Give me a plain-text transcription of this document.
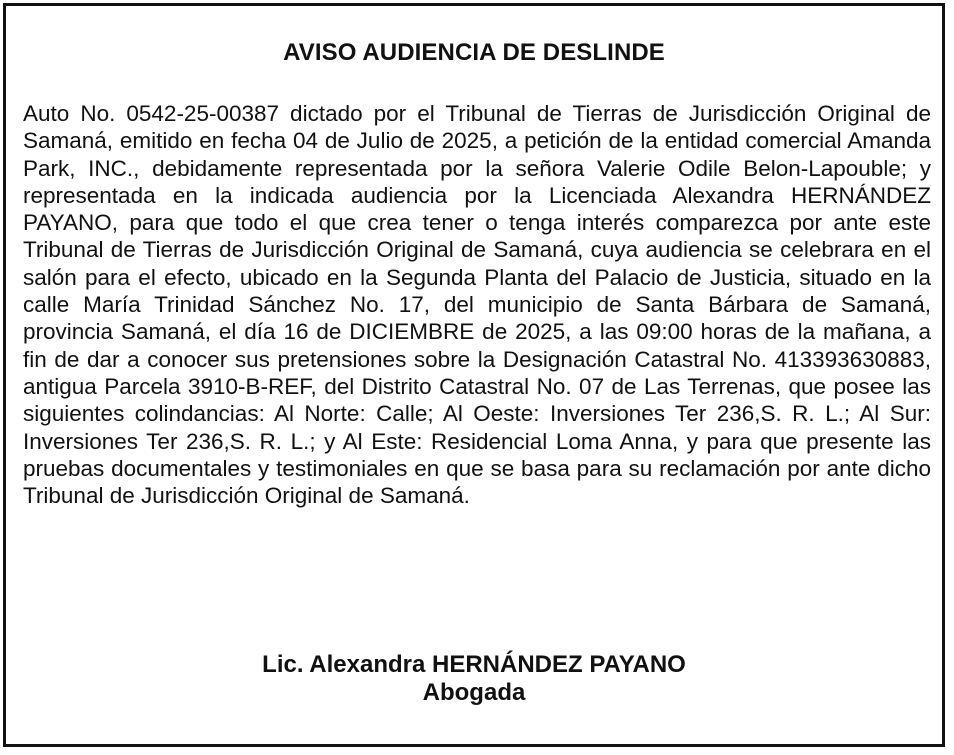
AVISO AUDIENCIA DE DESLINDE

Auto No. 0542-25-00387 dictado por el Tribunal de Tierras de Jurisdicción Original de Samaná, emitido en fecha 04 de Julio de 2025, a petición de la entidad comercial Amanda Park, INC., debidamente representada por la señora Valerie Odile Belon-Lapouble; y representada en la indicada audiencia por la Licenciada Alexandra HERNÁNDEZ PAYANO, para que todo el que crea tener o tenga interés comparezca por ante este Tribunal de Tierras de Jurisdicción Original de Samaná, cuya audiencia se celebrara en el salón para el efecto, ubicado en la Segunda Planta del Palacio de Justicia, situado en la calle María Trinidad Sánchez No. 17, del municipio de Santa Bárbara de Samaná, provincia Samaná, el día 16 de DICIEMBRE de 2025, a las 09:00 horas de la mañana, a fin de dar a conocer sus pretensiones sobre la Designación Catastral No. 413393630883, antigua Parcela 3910-B-REF, del Distrito Catastral No. 07 de Las Terrenas, que posee las siguientes colindancias: Al Norte: Calle; Al Oeste: Inversiones Ter 236,S. R. L.; Al Sur: Inversiones Ter 236,S. R. L.; y Al Este: Residencial Loma Anna, y para que presente las pruebas documentales y testimoniales en que se basa para su reclamación por ante dicho Tribunal de Jurisdicción Original de Samaná.

Lic. Alexandra HERNÁNDEZ PAYANO
Abogada
